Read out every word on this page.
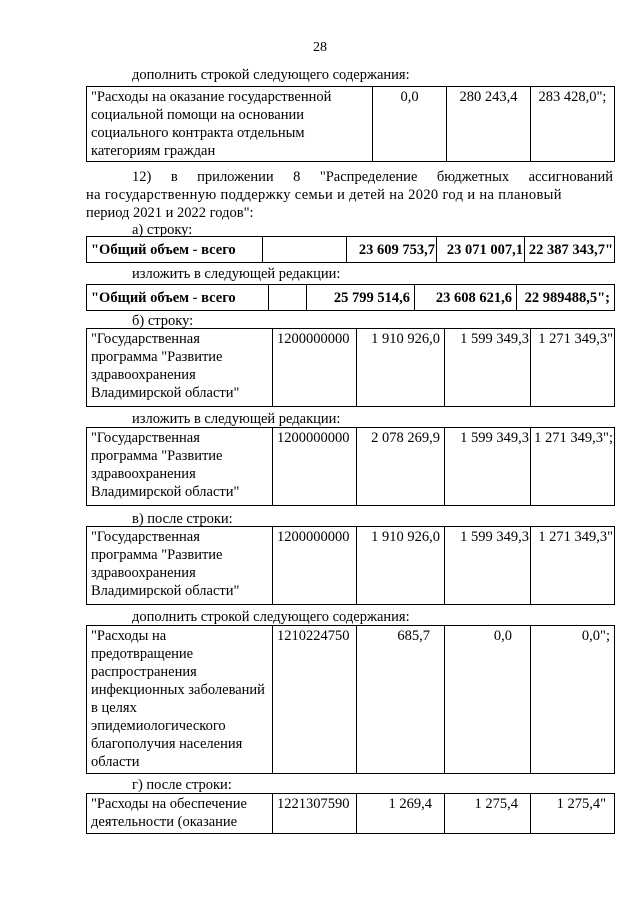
28
дополнить строкой следующего содержания:
"Расходы на оказание государственной социальной помощи на основании социального контракта отдельным категориям граждан	0,0	280 243,4	283 428,0";
12) в приложении 8 "Распределение бюджетных ассигнований
на государственную поддержку семьи и детей на 2020 год и на плановый
период 2021 и 2022 годов":
а) строку:
"Общий объем - всего		23 609 753,7	23 071 007,1	22 387 343,7"
изложить в следующей редакции:
"Общий объем - всего		25 799 514,6	23 608 621,6	22 989488,5";
б) строку:
"Государственная программа "Развитие здравоохранения Владимирской области"	1200000000	1 910 926,0	1 599 349,3	1 271 349,3"
изложить в следующей редакции:
"Государственная программа "Развитие здравоохранения Владимирской области"	1200000000	2 078 269,9	1 599 349,3	1 271 349,3";
в) после строки:
"Государственная программа "Развитие здравоохранения Владимирской области"	1200000000	1 910 926,0	1 599 349,3	1 271 349,3"
дополнить строкой следующего содержания:
"Расходы на предотвращение распространения инфекционных заболеваний в целях эпидемиологического благополучия населения области	1210224750	685,7	0,0	0,0";
г) после строки:
"Расходы на обеспечение деятельности (оказание	1221307590	1 269,4	1 275,4	1 275,4"
